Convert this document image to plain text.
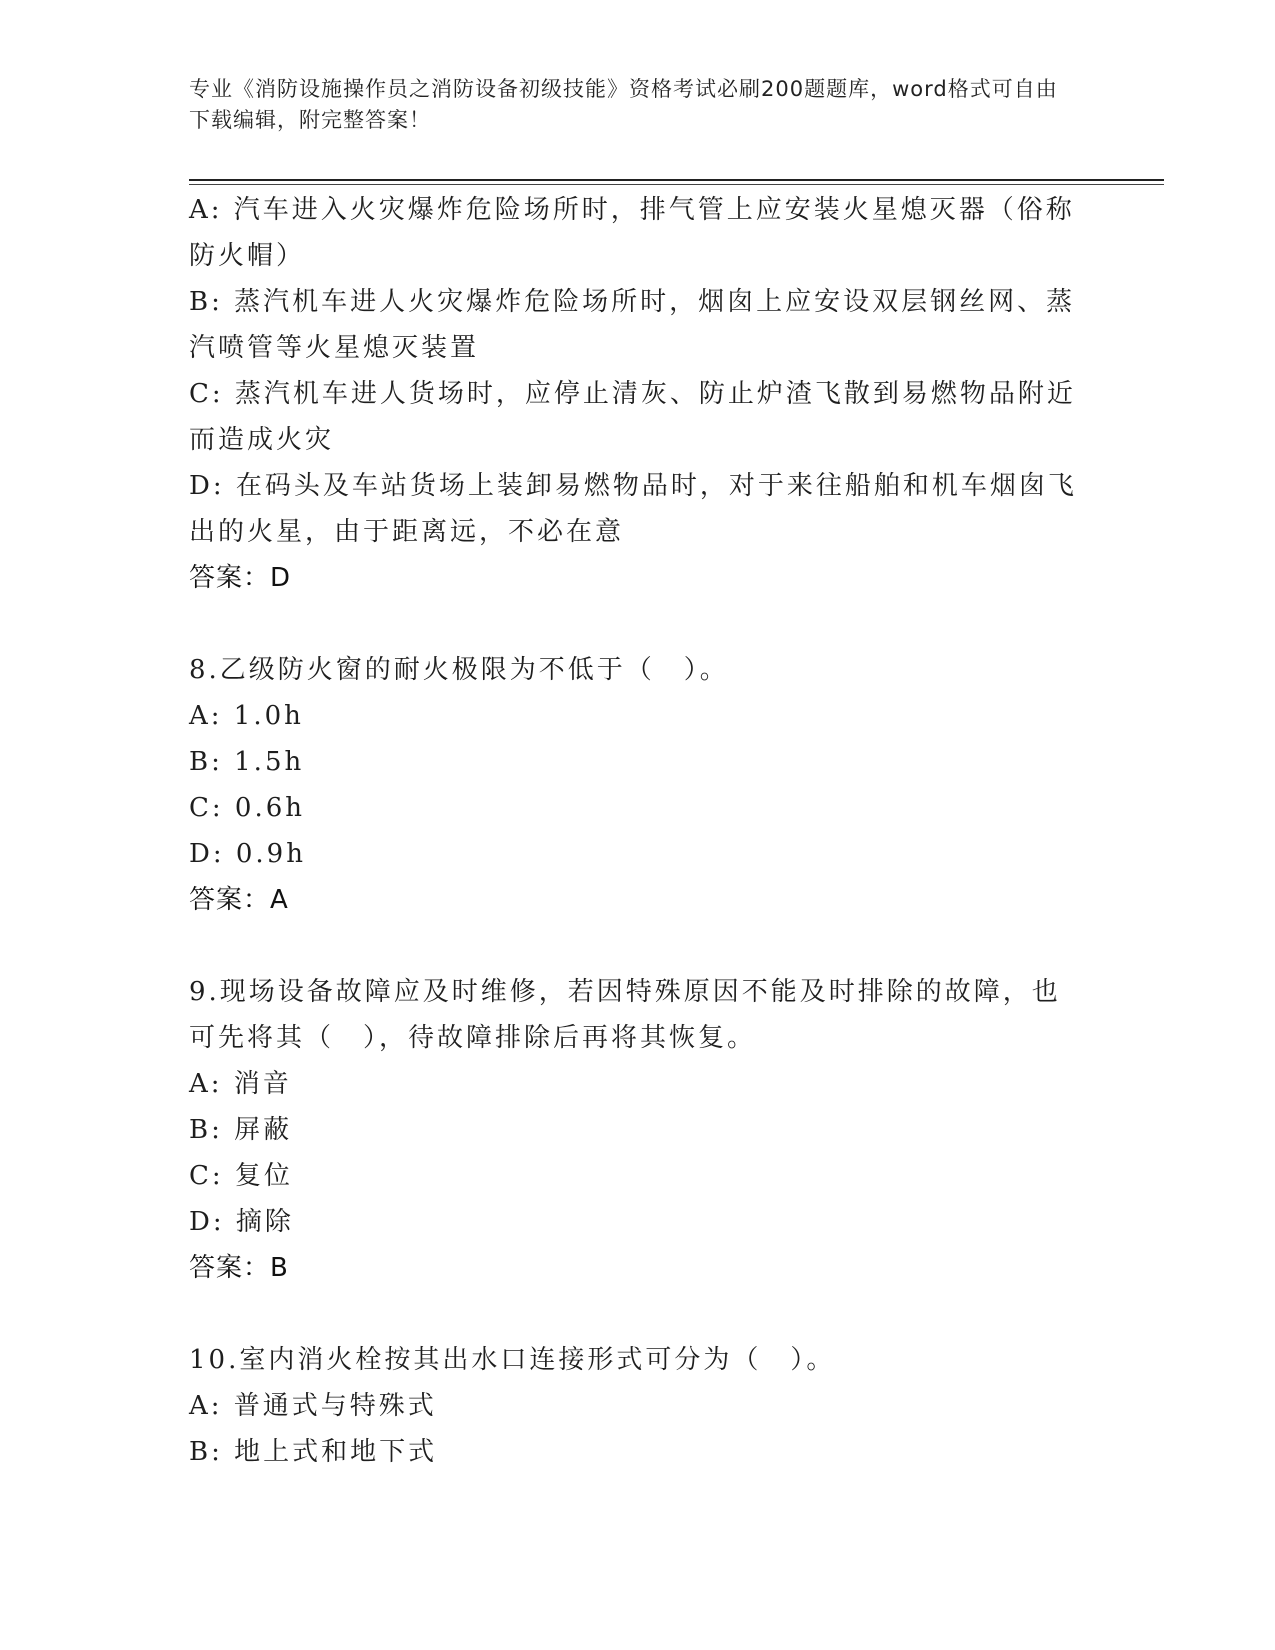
专业《消防设施操作员之消防设备初级技能》资格考试必刷200题题库，word格式可自由下载编辑，附完整答案！

A: 汽车进入火灾爆炸危险场所时，排气管上应安装火星熄灭器（俗称防火帽）

B: 蒸汽机车进人火灾爆炸危险场所时，烟囱上应安设双层钢丝网、蒸汽喷管等火星熄灭装置

C: 蒸汽机车进人货场时，应停止清灰、防止炉渣飞散到易燃物品附近而造成火灾

D: 在码头及车站货场上装卸易燃物品时，对于来往船舶和机车烟囱飞出的火星，由于距离远，不必在意

答案：D

8.乙级防火窗的耐火极限为不低于（　）。

A: 1.0h

B: 1.5h

C: 0.6h

D: 0.9h

答案：A

9.现场设备故障应及时维修，若因特殊原因不能及时排除的故障，也可先将其（　），待故障排除后再将其恢复。

A: 消音

B: 屏蔽

C: 复位

D: 摘除

答案：B

10.室内消火栓按其出水口连接形式可分为（　）。

A: 普通式与特殊式

B: 地上式和地下式
